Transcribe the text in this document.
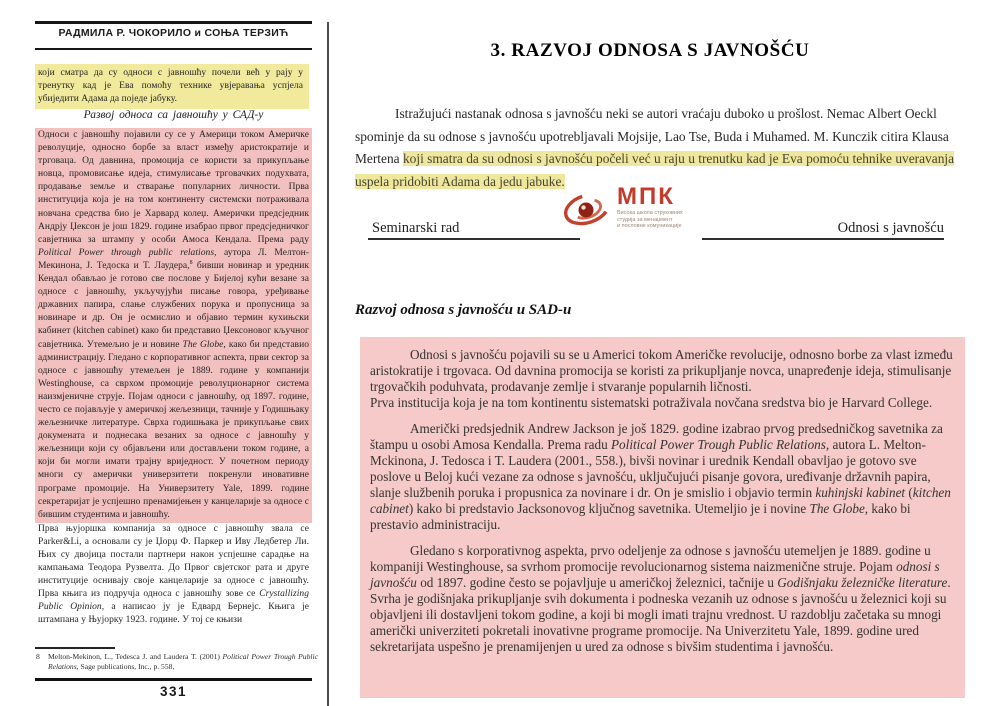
РАДМИЛА Р. ЧОКОРИЛО и СОЊА ТЕРЗИЋ
који сматра да су односи с јавношћу почели већ у рају у тренутку кад је Ева помоћу технике увјеравања успјела убиједити Адама да поједе јабуку.
Развој односа са јавношћу у САД-у
Односи с јавношћу појавили су се у Америци током Америчке револуције, односно борбе за власт између аристократије и трговаца. Од давнина, промоција се користи за прикупљање новца, промовисање идеја, стимулисање трговачких подухвата, продавање земље и стварање популарних личности. Прва институција која је на том континенту системски потраживала новчана средства био је Харвард колеџ. Амерички предсједник Андрју Џексон је још 1829. године изабрао првог предсједничког савјетника за штампу у особи Амоса Кендала. Према раду Political Power through public relations, аутора Л. Мелтон-Мекинона, Ј. Тедоска и Т. Лаудера,$^8$ бивши новинар и уредник Кендал обављао је готово све послове у Бијелој кући везане за односе с јавношћу, укључујући писање говора, уређивање државних папира, слање службених порука и пропусница за новинаре и др. Он је осмислио и објавио термин кухињски кабинет (kitchen cabinet) како би представио Џексоновог кључног савјетника. Утемељио је и новине The Globe, како би представио администрацију. Гледано с корпоративног аспекта, први сектор за односе с јавношћу утемељен је 1889. године у компанији Westinghouse, са сврхом промоције револуционарног система наизмјеничне струје. Појам односи с јавношћу, од 1897. године, често се појављује у америчкој жељезници, тачније у Годишњаку жељезничке литературе. Сврха годишњака је прикупљање свих докумената и поднесака везаних за односе с јавношћу у жељезници који су објављени или достављени током године, а који би могли имати трајну вриједност. У почетном периоду многи су амерички универзитети покренули иновативне програме промоције. На Универзитету Yale, 1899. године секретаријат је успјешно пренамијењен у канцеларије за односе с бившим студентима и јавношћу.
Прва њујоршка компанија за односе с јавношћу звала се Parker&Li, а основали су је Џорџ Ф. Паркер и Иву Ледбетер Ли. Њих су двојица постали партнери након успјешне сарадње на кампањама Теодора Рузвелта. До Првог свјетског рата и друге институције оснивају своје канцеларије за односе с јавношћу. Прва књига из подручја односа с јавношћу зове се Crystallizing Public Opinion, а написао ју је Едвард Бернејс. Књига је штампана у Њујорку 1923. године. У тој се књизи
8 Melton-Mekinon, L., Tedesca J. and Laudera T. (2001) Political Power Trough Public Relations, Sage publications, Inc., p. 558,
331
3. RAZVOJ ODNOSA S JAVNOŠĆU

Istražujući nastanak odnosa s javnošću neki se autori vraćaju duboko u prošlost. Nemac Albert Oeckl spominje da su odnose s javnošću upotrebljavali Mojsije, Lao Tse, Buda i Muhamed. M. Kunczik citira Klausa Mertena koji smatra da su odnosi s javnošću počeli već u raju u trenutku kad je Eva pomoću tehnike uveravanja uspela pridobiti Adama da jedu jabuke.

МПК
Висока школа струковних
студија за менаџмент
и пословне комуникације
Seminarski rad	Odnosi s javnošću
Razvoj odnosa s javnošću u SAD-u

Odnosi s javnošću pojavili su se u Americi tokom Američke revolucije, odnosno borbe za vlast između aristokratije i trgovaca. Od davnina promocija se koristi za prikupljanje novca, unapređenje ideja, stimulisanje trgovačkih poduhvata, prodavanje zemlje i stvaranje popularnih ličnosti.
Prva institucija koja je na tom kontinentu sistematski potraživala novčana sredstva bio je Harvard College.

Američki predsjednik Andrew Jackson je još 1829. godine izabrao prvog predsedničkog savetnika za štampu u osobi Amosa Kendalla. Prema radu Political Power Trough Public Relations, autora L. Melton-Mckinona, J. Tedosca i T. Laudera (2001., 558.), bivši novinar i urednik Kendall obavljao je gotovo sve poslove u Beloj kući vezane za odnose s javnošću, uključujući pisanje govora, uređivanje državnih papira, slanje službenih poruka i propusnica za novinare i dr. On je smislio i objavio termin kuhinjski kabinet (kitchen cabinet) kako bi predstavio Jacksonovog ključnog savetnika. Utemeljio je i novine The Globe, kako bi prestavio administraciju.

Gledano s korporativnog aspekta, prvo odeljenje za odnose s javnošću utemeljen je 1889. godine u kompaniji Westinghouse, sa svrhom promocije revolucionarnog sistema naizmenične struje. Pojam odnosi s javnošću od 1897. godine često se pojavljuje u američkoj železnici, tačnije u Godišnjaku železničke literature. Svrha je godišnjaka prikupljanje svih dokumenta i podneska vezanih uz odnose s javnošću u železnici koji su objavljeni ili dostavljeni tokom godine, a koji bi mogli imati trajnu vrednost. U razdoblju začetaka su mnogi američki univerziteti pokretali inovativne programe promocije. Na Univerzitetu Yale, 1899. godine ured sekretarijata uspešno je prenamijenjen u ured za odnose s bivšim studentima i javnošću.
